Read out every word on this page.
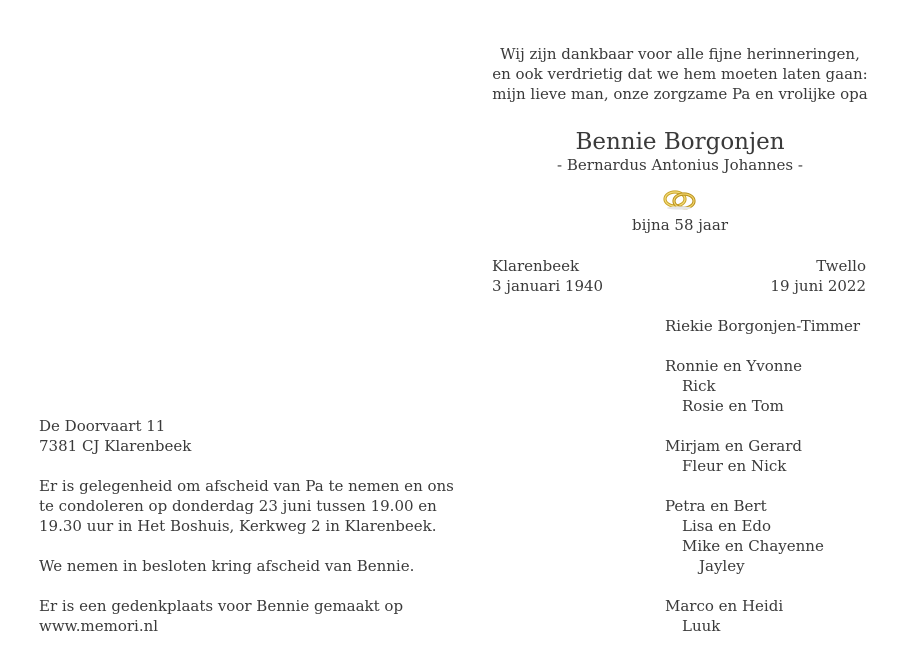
Wij zijn dankbaar voor alle fijne herinneringen,
en ook verdrietig dat we hem moeten laten gaan:
mijn lieve man, onze zorgzame Pa en vrolijke opa
Bennie Borgonjen
- Bernardus Antonius Johannes -
bijna 58 jaar
Klarenbeek
3 januari 1940
Twello
19 juni 2022
Riekie Borgonjen-Timmer
Ronnie en Yvonne
Rick
Rosie en Tom
Mirjam en Gerard
Fleur en Nick
Petra en Bert
Lisa en Edo
Mike en Chayenne
Jayley
Marco en Heidi
Luuk
De Doorvaart 11
7381 CJ Klarenbeek
Er is gelegenheid om afscheid van Pa te nemen en ons
te condoleren op donderdag 23 juni tussen 19.00 en
19.30 uur in Het Boshuis, Kerkweg 2 in Klarenbeek.
We nemen in besloten kring afscheid van Bennie.
Er is een gedenkplaats voor Bennie gemaakt op
www.memori.nl
